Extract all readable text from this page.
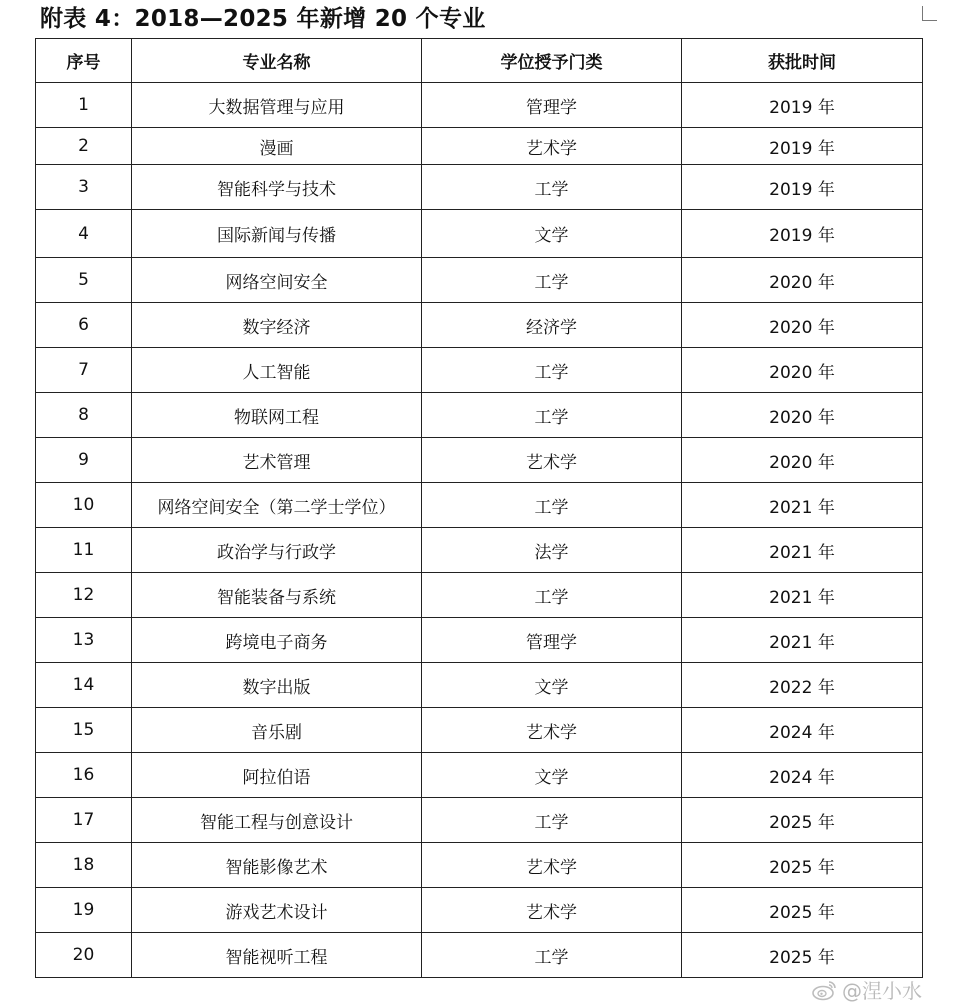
附表 4：2018—2025 年新增 20 个专业
序号	专业名称	学位授予门类	获批时间
1	大数据管理与应用	管理学	2019 年
2	漫画	艺术学	2019 年
3	智能科学与技术	工学	2019 年
4	国际新闻与传播	文学	2019 年
5	网络空间安全	工学	2020 年
6	数字经济	经济学	2020 年
7	人工智能	工学	2020 年
8	物联网工程	工学	2020 年
9	艺术管理	艺术学	2020 年
10	网络空间安全（第二学士学位）	工学	2021 年
11	政治学与行政学	法学	2021 年
12	智能装备与系统	工学	2021 年
13	跨境电子商务	管理学	2021 年
14	数字出版	文学	2022 年
15	音乐剧	艺术学	2024 年
16	阿拉伯语	文学	2024 年
17	智能工程与创意设计	工学	2025 年
18	智能影像艺术	艺术学	2025 年
19	游戏艺术设计	艺术学	2025 年
20	智能视听工程	工学	2025 年
@涅小水
